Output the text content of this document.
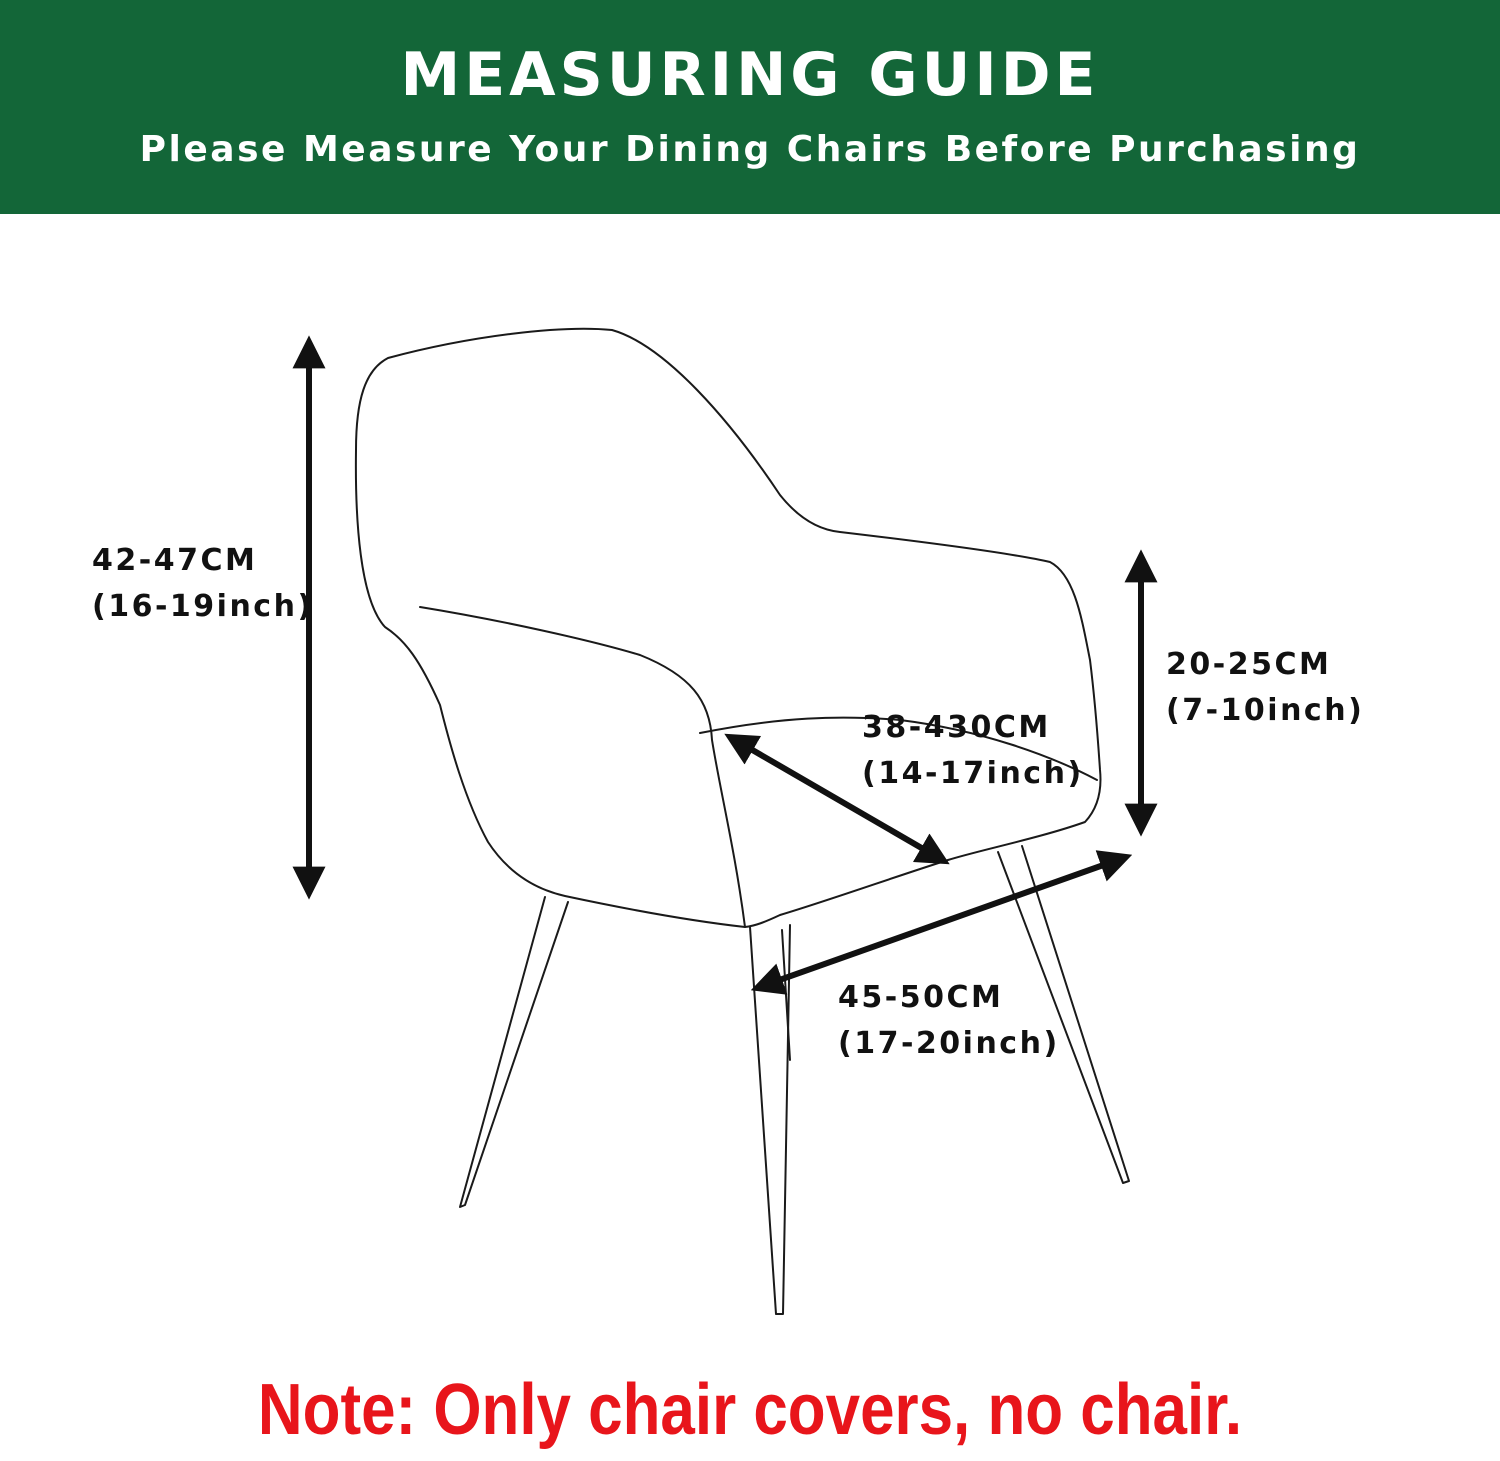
MEASURING GUIDE
Please Measure Your Dining Chairs Before Purchasing
42-47CM
(16-19inch)
20-25CM
(7-10inch)
38-430CM
(14-17inch)
45-50CM
(17-20inch)
Note: Only chair covers, no chair.
